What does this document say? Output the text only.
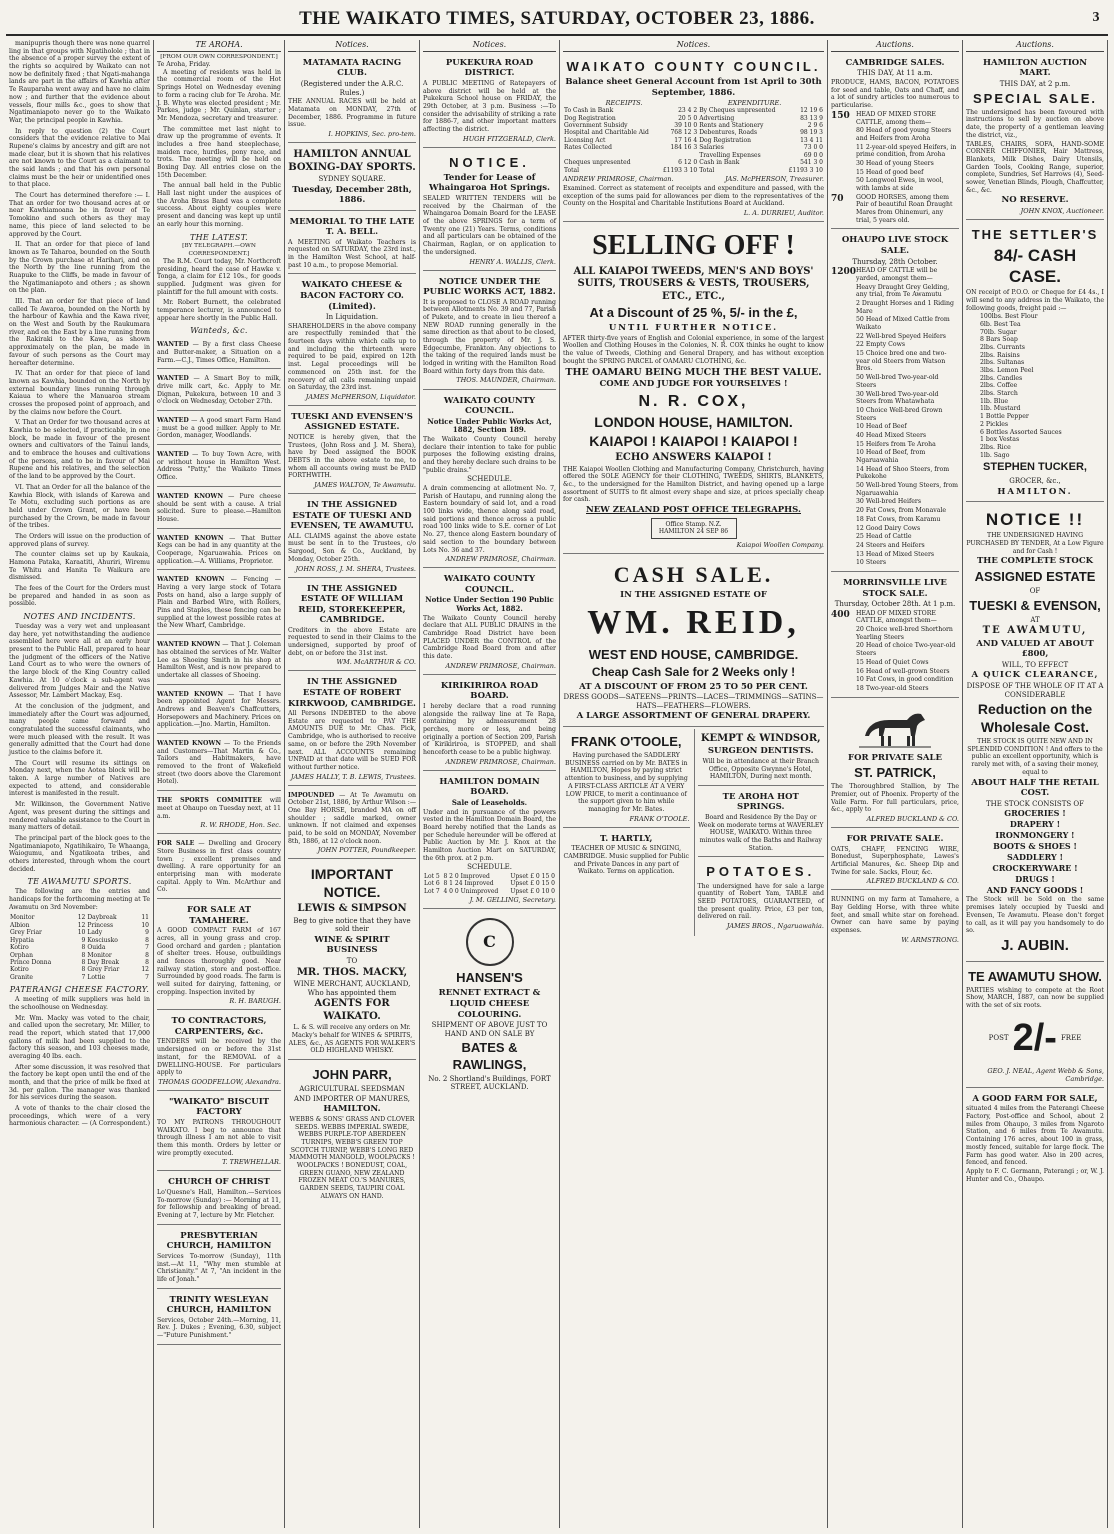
THE WAIKATO TIMES, SATURDAY, OCTOBER 23, 1886.	3

manipupris though there was none quarrel ling in that groups with Ngatiholole ; that in the absence of a proper survey the extent of the rights so acquired by Waikato can not now be definitely fixed ; that Ngati-mahanga lands are part in the affairs of Kawhia after Te Rauparaha went away and have no claim now ; and further that the evidence about vessels, flour mills &c., goes to show that Ngatimaniapoto never go to the Waikato War, the principal people in Kawhia.

In reply to question (2) the Court considers that the evidence relative to Mai Rupene's claims by ancestry and gift are not made clear, but it is shown that his relatives are not known to the Court as a claimant to the said lands ; and that his own personal claims must be the heir or unidentified ones to that place.

The Court has determined therefore :— I. That an order for two thousand acres at or near Kawhiamoana be in favour of Te Tomokino and such others as they may name, this piece of land selected to be approved by the Court.

II. That an order for that piece of land known as Te Taharoa, bounded on the South by the Crown purchase at Harihari, and on the North by the line running from the Ruapuke to the Cliffs, be made in favour of the Ngatimaniapoto and others ; as shown on the plan.

III. That an order for that piece of land called Te Awaroa, bounded on the North by the harbour of Kawhia and the Kawa river, on the West and South by the Raukumara river, and on the East by a line running from the Rakiraki to the Kawa, as shown approximately on the plan, be made in favour of such persons as the Court may hereafter determine.

IV. That an order for that piece of land known as Kawhia, bounded on the North by external boundary lines running through Kaiaua to where the Manuaroa stream crosses the proposed point of approach, and by the claims now before the Court.

V. That an Order for two thousand acres at Kawhia to be selected, if practicable, in one block, be made in favour of the present owners and cultivators of the Tainui lands, and to embrace the houses and cultivations of the persons, and to be in favour of Mai Rupene and his relatives, and the selection of the land to be approved by the Court.

VI. That an Order for all the balance of the Kawhia Block, with islands of Karewa and Te Motu, excluding such portions as are held under Crown Grant, or have been purchased by the Crown, be made in favour of the tribes.

The Orders will issue on the production of approved plans of survey.

The counter claims set up by Kaukaia, Hamona Pataka, Karaatiti, Ahuriri, Wiremu Te Whitu and Hanita Te Waikura are dismissed.

The fees of the Court for the Orders must be prepared and handed in as soon as possible.

NOTES AND INCIDENTS.

Tuesday was a very wet and unpleasant day here, yet notwithstanding the audience assembled here were all at an early hour present to the Public Hall, prepared to hear the judgment of the officers of the Native Land Court as to who were the owners of the large block of the King Country called Kawhia. At 10 o'clock a sub-agent was delivered from Judges Mair and the Native Assessor, Mr. Lambert Mackay, Esq.

At the conclusion of the judgment, and immediately after the Court was adjourned, many people came forward and congratulated the successful claimants, who were much pleased with the result. It was generally admitted that the Court had done justice to the claims before it.

The Court will resume its sittings on Monday next, when the Aotea block will be taken. A large number of Natives are expected to attend, and considerable interest is manifested in the result.

Mr. Wilkinson, the Government Native Agent, was present during the sittings and rendered valuable assistance to the Court in many matters of detail.

The principal part of the block goes to the Ngatimaniapoto, Ngatihikairo, Te Whaanga, Waiogumu, and Ngatikoata tribes, and others interested, through whom the court decided.

TE AWAMUTU SPORTS.
The following are the entries and handicaps for the forthcoming meeting at Te Awamutu on 3rd November:
Monitor	12	Daybreak	11
Albion	12	Princess	10
Grey Friar	10	Lady	9
Hypatia	9	Kosciusko	8
Kotiro	8	Ouida	7
Orphan	8	Monitor	8
Prince Donna	8	Day Break	8
Kotiro	8	Grey Friar	12
Granite	7	Lottie	7
PATERANGI CHEESE FACTORY.

A meeting of milk suppliers was held in the schoolhouse on Wednesday.

Mr. Wm. Macky was voted to the chair, and called upon the secretary, Mr. Miller, to read the report, which stated that 17,000 gallons of milk had been supplied to the factory this season, and 103 cheeses made, averaging 40 lbs. each.

After some discussion, it was resolved that the factory be kept open until the end of the month, and that the price of milk be fixed at 3d. per gallon. The manager was thanked for his services during the season.

A vote of thanks to the chair closed the proceedings, which were of a very harmonious character. — (A Correspondent.)

TE AROHA.
[FROM OUR OWN CORRESPONDENT.]
Te Aroha, Friday.

A meeting of residents was held in the commercial room of the Hot Springs Hotel on Wednesday evening to form a racing club for Te Aroha. Mr. J. B. Whyte was elected president ; Mr. Parkes, judge ; Mr. Quinlan, starter ; Mr. Mendoza, secretary and treasurer.

The committee met last night to draw up the programme of events. It includes a free hand steeplechase, maiden race, hurdles, pony race, and trots. The meeting will be held on Boxing Day. All entries close on the 15th December.

The annual ball held in the Public Hall last night under the auspices of the Aroha Brass Band was a complete success. About eighty couples were present and dancing was kept up until an early hour this morning.

THE LATEST.
[BY TELEGRAPH.—OWN CORRESPONDENT.]

The R.M. Court today, Mr. Northcroft presiding, heard the case of Hawke v. Tonga, a claim for £12 10s., for goods supplied. Judgment was given for plaintiff for the full amount with costs.

Mr. Robert Burnett, the celebrated temperance lecturer, is announced to appear here shortly in the Public Hall.

Wanteds, &c.
WANTED — By a first class Cheese and Butter-maker, a Situation on a Farm.—C.J., Times Office, Hamilton.
WANTED — A Smart Boy to milk, drive milk cart, &c. Apply to Mr. Dignan, Pukekura, between 10 and 3 o'clock on Wednesday, October 27th.
WANTED — A good smart Farm Hand ; must be a good milker. Apply to Mr. Gordon, manager, Woodlands.
WANTED — To buy Town Acre, with or without house in Hamilton West. Address "Patty," the Waikato Times Office.
WANTED KNOWN — Pure cheese should be sent with a cause. A trial solicited. Sure to please.—Hamilton House.
WANTED KNOWN — That Butter Kegs can be had in any quantity at the Cooperage, Ngaruawahia. Prices on application.—A. Williams, Proprietor.
WANTED KNOWN — Fencing —Having a very large stock of Totara Posts on hand, also a large supply of Plain and Barbed Wire, with Rollers, Pins and Staples, these fencing can be supplied at the lowest possible rates at the New Wharf, Cambridge.
WANTED KNOWN — That J. Coleman has obtained the services of Mr. Walter Lee as Shoeing Smith in his shop at Hamilton West, and is now prepared to undertake all classes of Shoeing.
WANTED KNOWN — That I have been appointed Agent for Messrs. Andrews and Beaven's Chaffcutters, Horsepowers and Machinery. Prices on application.—Jno. Martin, Hamilton.
WANTED KNOWN — To the Friends and Customers—That Martin & Co., Tailors and Habitmakers, have removed to the front of Wakefield street (two doors above the Claremont Hotel).
THE SPORTS COMMITTEE will meet at Ohaupo on Tuesday next, at 11 a.m.
R. W. RHODE, Hon. Sec.
FOR SALE — Dwelling and Grocery Store Business in first class country town ; excellent premises and dwelling. A rare opportunity for an enterprising man with moderate capital. Apply to Wm. McArthur and Co.
FOR SALE AT TAMAHERE.
A GOOD COMPACT FARM of 167 acres, all in young grass and crop. Good orchard and garden ; plantation of shelter trees. House, outbuildings and fences thoroughly good. Near railway station, store and post-office. Surrounded by good roads. The farm is well suited for dairying, fattening, or cropping. Inspection invited by
R. H. BARUGH.
TO CONTRACTORS, CARPENTERS, &c.
TENDERS will be received by the undersigned on or before the 31st instant, for the REMOVAL of a DWELLING-HOUSE. For particulars apply to
THOMAS GOODFELLOW, Alexandra.
"WAIKATO" BISCUIT FACTORY
TO MY PATRONS THROUGHOUT WAIKATO. I beg to announce that through illness I am not able to visit them this month. Orders by letter or wire promptly executed.
T. TREWHELLAR.
CHURCH OF CHRIST
Lo'Quesne's Hall, Hamilton.—Services To-morrow (Sunday) :— Morning at 11, for fellowship and breaking of bread. Evening at 7, lecture by Mr. Fletcher.
PRESBYTERIAN CHURCH, HAMILTON
Services To-morrow (Sunday), 11th inst.—At 11, "Why men stumble at Christianity." At 7, "An incident in the life of Jonah."
TRINITY WESLEYAN CHURCH, HAMILTON
Services, October 24th.—Morning, 11, Rev. J. Dukes ; Evening, 6.30, subject—"Future Punishment."
Notices.
MATAMATA RACING CLUB.
(Registered under the A.R.C. Rules.)
THE ANNUAL RACES will be held at Matamata on MONDAY, 27th of December, 1886. Programme in future issue.
I. HOPKINS, Sec. pro-tem.
HAMILTON ANNUAL BOXING-DAY SPORTS.
SYDNEY SQUARE.
Tuesday, December 28th, 1886.
MEMORIAL TO THE LATE T. A. BELL.
A MEETING of Waikato Teachers is requested on SATURDAY, the 23rd inst., in the Hamilton West School, at half-past 10 a.m., to propose Memorial.
WAIKATO CHEESE & BACON FACTORY CO. (Limited).
In Liquidation.
SHAREHOLDERS in the above company are respectfully reminded that the fourteen days within which calls up to and including the thirteenth were required to be paid, expired on 12th inst. Legal proceedings will be commenced on 25th inst. for the recovery of all calls remaining unpaid on Saturday, the 23rd inst.
JAMES McPHERSON, Liquidator.
TUESKI AND EVENSEN'S ASSIGNED ESTATE.
NOTICE is hereby given, that the Trustees, (John Ross and J. M. Shera), have by Deed assigned the BOOK DEBTS in the above estate to me, to whom all accounts owing must be PAID FORTHWITH.
JAMES WALTON, Te Awamutu.
IN THE ASSIGNED ESTATE OF TUESKI AND EVENSEN, TE AWAMUTU.
ALL CLAIMS against the above estate must be sent in to the Trustees, c/o Sargood, Son & Co., Auckland, by Monday, October 25th.
JOHN ROSS, J. M. SHERA, Trustees.
IN THE ASSIGNED ESTATE OF WILLIAM REID, STOREKEEPER, CAMBRIDGE.
Creditors in the above Estate are requested to send in their Claims to the undersigned, supported by proof of debt, on or before the 31st inst.
WM. McARTHUR & CO.
IN THE ASSIGNED ESTATE OF ROBERT KIRKWOOD, CAMBRIDGE.
All Persons INDEBTED to the above Estate are requested to PAY THE AMOUNTS DUE to Mr. Chas. Pick, Cambridge, who is authorised to receive same, on or before the 29th November next. ALL ACCOUNTS remaining UNPAID at that date will be SUED FOR without further notice.
JAMES HALLY, T. B. LEWIS, Trustees.
IMPOUNDED — At Te Awamutu on October 21st, 1886, by Arthur Wilson :—One Bay HORSE, branded MA on off shoulder ; saddle marked, owner unknown. If not claimed and expenses paid, to be sold on MONDAY, November 8th, 1886, at 12 o'clock noon.
JOHN POTTER, Poundkeeper.
IMPORTANT NOTICE.
LEWIS & SIMPSON
Beg to give notice that they have sold their
WINE & SPIRIT BUSINESS
TO
MR. THOS. MACKY,
WINE MERCHANT, AUCKLAND, Who has appointed them
AGENTS FOR WAIKATO.
L. & S. will receive any orders on Mr. Macky's behalf for WINES & SPIRITS, ALES, &c., AS AGENTS FOR WALKER'S OLD HIGHLAND WHISKY.
JOHN PARR,
AGRICULTURAL SEEDSMAN
AND IMPORTER OF MANURES,
HAMILTON.
WEBBS & SONS' GRASS AND CLOVER SEEDS. WEBBS IMPERIAL SWEDE, WEBBS PURPLE-TOP ABERDEEN TURNIPS, WEBB'S GREEN TOP SCOTCH TURNIP, WEBB'S LONG RED MAMMOTH MANGOLD, WOOLPACKS ! WOOLPACKS ! BONEDUST, COAL, GREEN GUANO, NEW ZEALAND FROZEN MEAT CO.'S MANURES, GARDEN SEEDS, TAUPIRI COAL ALWAYS ON HAND.
Notices.
PUKEKURA ROAD DISTRICT.
A PUBLIC MEETING of Ratepayers of above district will be held at the Pukekura School house on FRIDAY, the 29th October, at 3 p.m. Business :—To consider the advisability of striking a rate for 1886-7, and other important matters affecting the district.
HUGH FITZGERALD, Clerk.
NOTICE.
Tender for Lease of Whaingaroa Hot Springs.
SEALED WRITTEN TENDERS will be received by the Chairman of the Whaingaroa Domain Board for the LEASE of the above SPRINGS for a term of Twenty one (21) Years. Terms, conditions and all particulars can be obtained of the Chairman, Raglan, or on application to the undersigned.
HENRY A. WALLIS, Clerk.
NOTICE UNDER THE PUBLIC WORKS ACT, 1882.
It is proposed to CLOSE A ROAD running between Allotments No. 39 and 77, Parish of Pukete, and to create in lieu thereof a NEW ROAD running generally in the same direction as that about to be closed, through the property of Mr. J. S. Edgecumbe, Frankton. Any objections to the taking of the required lands must be lodged in writing with the Hamilton Road Board within forty days from this date.
THOS. MAUNDER, Chairman.
WAIKATO COUNTY COUNCIL.
Notice Under Public Works Act, 1882, Section 189.
The Waikato County Council hereby declare their intention to take for public purposes the following existing drains, and they hereby declare such drains to be "public drains."
SCHEDULE.
A drain commencing at allotment No. 7, Parish of Hautapu, and running along the Eastern boundary of said lot, and a road 100 links wide, thence along said road, said portions and thence across a public road 100 links wide to S.E. corner of Lot No. 27, thence along Eastern boundary of said section to the boundary between Lots No. 36 and 37.
ANDREW PRIMROSE, Chairman.
WAIKATO COUNTY COUNCIL.
Notice Under Section 190 Public Works Act, 1882.
The Waikato County Council hereby declare that ALL PUBLIC DRAINS in the Cambridge Road District have been PLACED UNDER the CONTROL of the Cambridge Road Board from and after this date.
ANDREW PRIMROSE, Chairman.
KIRIKIRIROA ROAD BOARD.
I hereby declare that a road running alongside the railway line at Te Rapa, containing by admeasurement 28 perches, more or less, and being originally a portion of Section 209, Parish of Kirikiriroa, is STOPPED, and shall henceforth cease to be a public highway.
ANDREW PRIMROSE, Chairman.
HAMILTON DOMAIN BOARD.
Sale of Leaseholds.
Under and in pursuance of the powers vested in the Hamilton Domain Board, the Board hereby notified that the Lands as per Schedule hereunder will be offered at Public Auction by Mr. J. Knox at the Hamilton Auction Mart on SATURDAY, the 6th prox. at 2 p.m.
SCHEDULE.
Lot 5	8 2 0 Improved	Upset £ 0 15 0
Lot 6	8 1 24 Improved	Upset £ 0 15 0
Lot 7	4 0 0 Unimproved	Upset £ 0 10 0
J. M. GELLING, Secretary.
C
HANSEN'S
RENNET EXTRACT & LIQUID CHEESE COLOURING.
SHIPMENT OF ABOVE JUST TO HAND AND ON SALE BY
BATES & RAWLINGS,
No. 2 Shortland's Buildings, FORT STREET, AUCKLAND.
Notices.
WAIKATO COUNTY COUNCIL.
Balance sheet General Account from 1st April to 30th September, 1886.
RECEIPTS.	EXPENDITURE.
To Cash in Bank	23 4 2	By Cheques unpresented	12 19 6
Dog Registration	20 5 0	Advertising	83 13 9
Government Subsidy	39 10 0	Rents and Stationery	2 9 6
Hospital and Charitable Aid	768 12 3	Debentures, Roads	98 19 3
Licensing Act	17 16 4	Dog Registration	13 4 11
Rates Collected	184 16 3	Salaries	73 0 0
		Travelling Expenses	69 0 0
Cheques unpresented	6 12 0	Cash in Bank	541 3 0
Total	£1193 3 10	Total	£1193 3 10
ANDREW PRIMROSE, Chairman.	JAS. McPHERSON, Treasurer.
Examined. Correct as statement of receipts and expenditure and passed, with the exception of the sums paid for allowances per diem to the representatives of the County on the Hospital and Charitable Institutions Board at Auckland.
L. A. DURRIEU, Auditor.
SELLING OFF !
ALL KAIAPOI TWEEDS, MEN'S AND BOYS' SUITS, TROUSERS & VESTS, TROUSERS, ETC., ETC.,
At a Discount of 25 %, 5/- in the £,
UNTIL FURTHER NOTICE.
AFTER thirty-five years of English and Colonial experience, in some of the largest Woollen and Clothing Houses in the Colonies, N. R. COX thinks he ought to know the value of Tweeds, Clothing and General Drapery, and has without exception bought the SPRING PARCEL of OAMARU CLOTHING, &c.
THE OAMARU BEING MUCH THE BEST VALUE.
COME AND JUDGE FOR YOURSELVES !
N. R. COX,
LONDON HOUSE, HAMILTON.
KAIAPOI ! KAIAPOI ! KAIAPOI !
ECHO ANSWERS KAIAPOI !
THE Kaiapoi Woollen Clothing and Manufacturing Company, Christchurch, having offered the SOLE AGENCY for their CLOTHING, TWEEDS, SHIRTS, BLANKETS, &c., to the undersigned for the Hamilton District, and having opened up a large assortment of SUITS to fit almost every shape and size, at prices specially cheap for cash.
NEW ZEALAND POST OFFICE TELEGRAPHS.
Office Stamp. N.Z. HAMILTON 24 SEP 86
Kaiapoi Woollen Company.
CASH SALE.
IN THE ASSIGNED ESTATE OF
WM. REID,
WEST END HOUSE, CAMBRIDGE.
Cheap Cash Sale for 2 Weeks only !
AT A DISCOUNT OF FROM 25 TO 50 PER CENT.
DRESS GOODS—SATEENS—PRINTS—LACES—TRIMMINGS—SATINS—HATS—FEATHERS—FLOWERS.
A LARGE ASSORTMENT OF GENERAL DRAPERY.
FRANK O'TOOLE,
Having purchased the SADDLERY BUSINESS carried on by Mr. BATES in HAMILTON, Hopes by paying strict attention to business, and by supplying A FIRST-CLASS ARTICLE AT A VERY LOW PRICE, to merit a continuance of the support given to him while managing for Mr. Bates.
FRANK O'TOOLE.
T. HARTLY,
TEACHER OF MUSIC & SINGING, CAMBRIDGE. Music supplied for Public and Private Dances in any part of Waikato. Terms on application.
KEMPT & WINDSOR,
SURGEON DENTISTS.
Will be in attendance at their Branch Office, Opposite Gwynne's Hotel, HAMILTON, During next month.
TE AROHA HOT SPRINGS.
Board and Residence By the Day or Week on moderate terms at WAVERLEY HOUSE, WAIKATO. Within three minutes walk of the Baths and Railway Station.
POTATOES.
The undersigned have for sale a large quantity of Robert Yam, TABLE and SEED POTATOES, GUARANTEED, of the present quality. Price, £3 per ton, delivered on rail.
JAMES BROS., Ngaruawahia.
Auctions.
CAMBRIDGE SALES.
THIS DAY, At 11 a.m.
PRODUCE, HAMS, BACON, POTATOES for seed and table, Oats and Chaff, and a lot of sundry articles too numerous to particularise.
150	HEAD OF MIXED STORE CATTLE, among them—
80 Head of good young Steers and Heifers from Aroha
11 2-year-old speyed Heifers, in prime condition, from Aroha
30 Head of young Steers
15 Head of good beef
50 Longwool Ewes, in wool, with lambs at side
70	GOOD HORSES, among them Pair of beautiful Roan Draught Mares from Ohinemuri, any trial, 5 years old.
OHAUPO LIVE STOCK SALE.
Thursday, 28th October.
1200 HEAD OF CATTLE will be yarded, amongst them—
Heavy Draught Grey Gelding, any trial, from Te Awamutu
2 Draught Horses and 1 Riding Mare
50 Head of Mixed Cattle from Waikato
22 Well-bred Speyed Heifers
22 Empty Cows
15 Choice bred one and two-year old Steers from Watson Bros.
50 Well-bred Two-year-old Steers
30 Well-bred Two-year-old Steers from Whatawhata
10 Choice Well-bred Grown Steers
10 Head of Beef
40 Head Mixed Steers
15 Heifers from Te Aroha
10 Head of Beef, from Ngaruawahia
14 Head of Shoo Steers, from Pukekohe
50 Well-bred Young Steers, from Ngaruawahia
30 Well-bred Heifers
20 Fat Cows, from Monavale
18 Fat Cows, from Karamu
12 Good Dairy Cows
25 Head of Cattle
24 Steers and Heifers
13 Head of Mixed Steers
10 Steers
MORRINSVILLE LIVE STOCK SALE.
Thursday, October 28th. At 1 p.m.
400	HEAD OF MIXED STORE CATTLE, amongst them—
20 Choice well-bred Shorthorn Yearling Steers
20 Head of choice Two-year-old Steers
15 Head of Quiet Cows
16 Head of well-grown Steers
10 Fat Cows, in good condition
18 Two-year-old Steers
FOR PRIVATE SALE
ST. PATRICK,
The Thoroughbred Stallion, by The Premier, out of Phoenix. Property of the Vaile Farm. For full particulars, price, &c., apply to
ALFRED BUCKLAND & CO.
FOR PRIVATE SALE.
OATS, CHAFF, FENCING WIRE, Bonedust, Superphosphate, Lawes's Artificial Manures, &c. Sheep Dip and Twine for sale. Sacks, Flour, &c.
ALFRED BUCKLAND & CO.
RUNNING on my farm at Tamahere, a Bay Gelding Horse, with three white feet, and small white star on forehead. Owner can have same by paying expenses.
W. ARMSTRONG.
Auctions.
HAMILTON AUCTION MART.
THIS DAY, at 2 p.m.
SPECIAL SALE.
The undersigned has been favoured with instructions to sell by auction on above date, the property of a gentleman leaving the district, viz.,
TABLES, CHAIRS, SOFA, HAND-SOME CORNER CHIFFONIER, Hair Mattress, Blankets, Milk Dishes, Dairy Utensils, Garden Tools, Cooking Range, superior, complete, Sundries, Set Harrows (4), Seed-sower, Venetian Blinds, Plough, Chaffcutter, &c., &c.
NO RESERVE.
JOHN KNOX, Auctioneer.
THE SETTLER'S
84/- CASH CASE.
ON receipt of P.O.O. or Cheque for £4 4s., I will send to any address in the Waikato, the following goods, freight paid :—
100lbs. Best Flour
6lb. Best Tea
70lb. Sugar
8 Bars Soap
2lbs. Currants
2lbs. Raisins
2lbs. Sultanas
3lbs. Lemon Peel
2lbs. Candles
2lbs. Coffee
2lbs. Starch
1lb. Blue
1lb. Mustard
1 Bottle Pepper
2 Pickles
6 Bottles Assorted Sauces
1 box Vestas
2lbs. Rice
1lb. Sago
STEPHEN TUCKER,
GROCER, &c.,
HAMILTON.
NOTICE !!
THE UNDERSIGNED HAVING PURCHASED BY TENDER, At a Low Figure and for Cash !
THE COMPLETE STOCK
ASSIGNED ESTATE
OF
TUESKI & EVENSON,
AT
TE AWAMUTU,
AND VALUED AT ABOUT £800,
WILL, TO EFFECT
A QUICK CLEARANCE,
DISPOSE OF THE WHOLE OF IT AT A CONSIDERABLE
Reduction on the Wholesale Cost.
THE STOCK IS QUITE NEW AND IN SPLENDID CONDITION ! And offers to the public an excellent opportunity, which is rarely met with, of a saving their money, equal to
ABOUT HALF THE RETAIL COST.
THE STOCK CONSISTS OF
GROCERIES !
DRAPERY !
IRONMONGERY !
BOOTS & SHOES !
SADDLERY !
CROCKERYWARE !
DRUGS !
AND FANCY GOODS !
The Stock will be Sold on the same premises lately occupied by Tueski and Evensen, Te Awamutu. Please don't forget to call, as it will pay you handsomely to do so.
J. AUBIN.
TE AWAMUTU SHOW.
PARTIES wishing to compete at the Root Show, MARCH, 1887, can now be supplied with the set of six roots.
POST 2/- FREE
GEO. J. NEAL, Agent Webb & Sons, Cambridge.
A GOOD FARM FOR SALE,
situated 4 miles from the Paterangi Cheese Factory, Post-office and School, about 2 miles from Ohaupo, 3 miles from Ngaroto Station, and 6 miles from Te Awamutu. Containing 176 acres, about 100 in grass, mostly fenced, suitable for large flock. The Farm has good water. Also in 200 acres, fenced, and fenced.
Apply to F. C. Germann, Paterangi ; or, W. J. Hunter and Co., Ohaupo.
